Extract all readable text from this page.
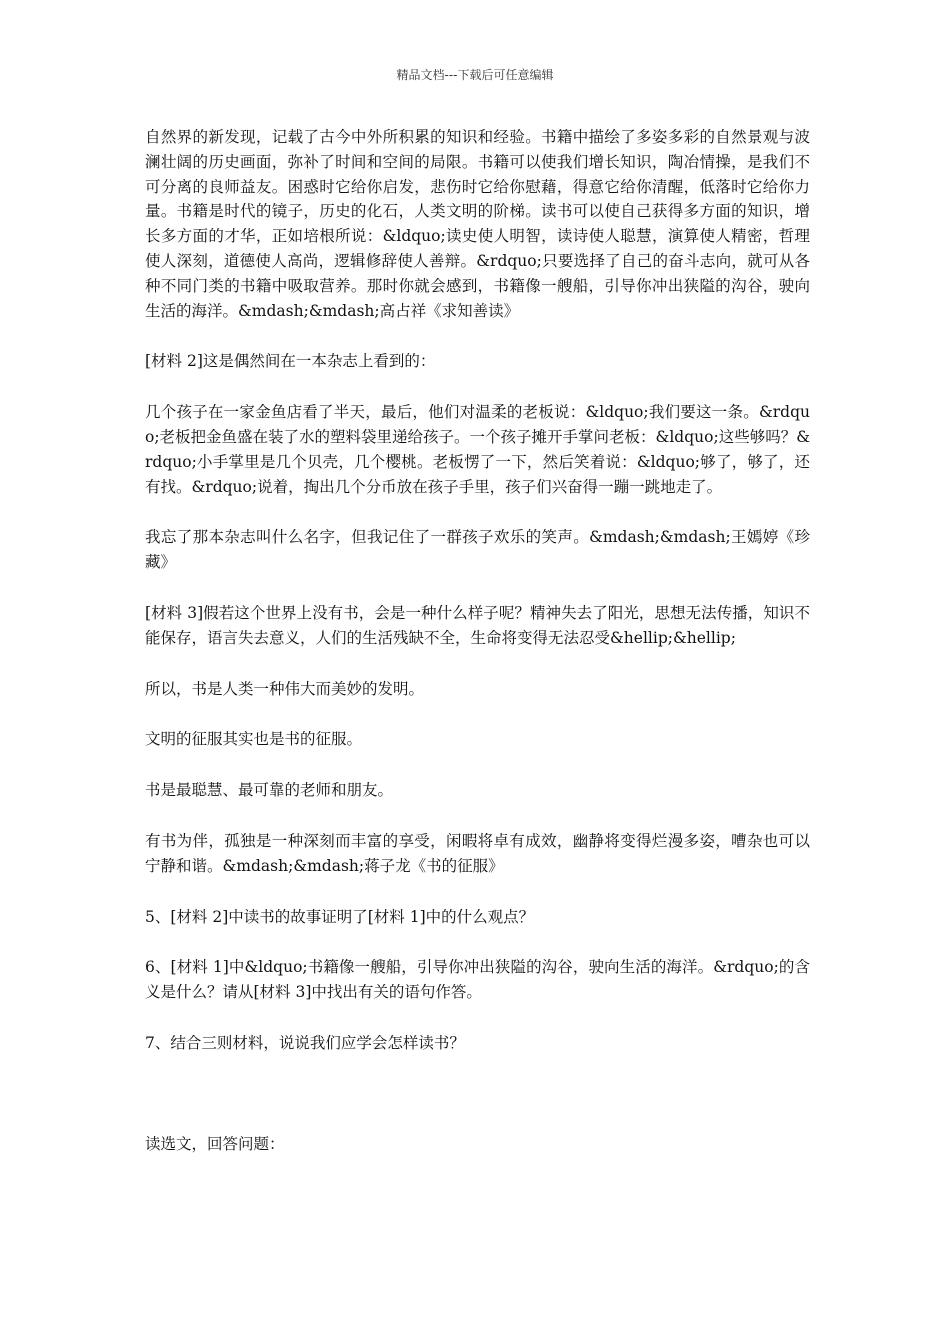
精品文档---下载后可任意编辑

自然界的新发现，记载了古今中外所积累的知识和经验。书籍中描绘了多姿多彩的自然景观与波澜壮阔的历史画面，弥补了时间和空间的局限。书籍可以使我们增长知识，陶冶情操，是我们不可分离的良师益友。困惑时它给你启发，悲伤时它给你慰藉，得意它给你清醒，低落时它给你力量。书籍是时代的镜子，历史的化石，人类文明的阶梯。读书可以使自己获得多方面的知识，增长多方面的才华，正如培根所说：&ldquo;读史使人明智，读诗使人聪慧，演算使人精密，哲理使人深刻，道德使人高尚，逻辑修辞使人善辩。&rdquo;只要选择了自己的奋斗志向，就可从各种不同门类的书籍中吸取营养。那时你就会感到，书籍像一艘船，引导你冲出狭隘的沟谷，驶向生活的海洋。&mdash;&mdash;高占祥《求知善读》

[材料 2]这是偶然间在一本杂志上看到的：

几个孩子在一家金鱼店看了半天，最后，他们对温柔的老板说：&ldquo;我们要这一条。&rdquo;老板把金鱼盛在装了水的塑料袋里递给孩子。一个孩子摊开手掌问老板：&ldquo;这些够吗？&rdquo;小手掌里是几个贝壳，几个樱桃。老板愣了一下，然后笑着说：&ldquo;够了，够了，还有找。&rdquo;说着，掏出几个分币放在孩子手里，孩子们兴奋得一蹦一跳地走了。

我忘了那本杂志叫什么名字，但我记住了一群孩子欢乐的笑声。&mdash;&mdash;王嫣婷《珍藏》

[材料 3]假若这个世界上没有书，会是一种什么样子呢？精神失去了阳光，思想无法传播，知识不能保存，语言失去意义，人们的生活残缺不全，生命将变得无法忍受&hellip;&hellip;

所以，书是人类一种伟大而美妙的发明。

文明的征服其实也是书的征服。

书是最聪慧、最可靠的老师和朋友。

有书为伴，孤独是一种深刻而丰富的享受，闲暇将卓有成效，幽静将变得烂漫多姿，嘈杂也可以宁静和谐。&mdash;&mdash;蒋子龙《书的征服》

5、[材料 2]中读书的故事证明了[材料 1]中的什么观点？

6、[材料 1]中&ldquo;书籍像一艘船，引导你冲出狭隘的沟谷，驶向生活的海洋。&rdquo;的含义是什么？请从[材料 3]中找出有关的语句作答。

7、结合三则材料，说说我们应学会怎样读书？

读选文，回答问题：
